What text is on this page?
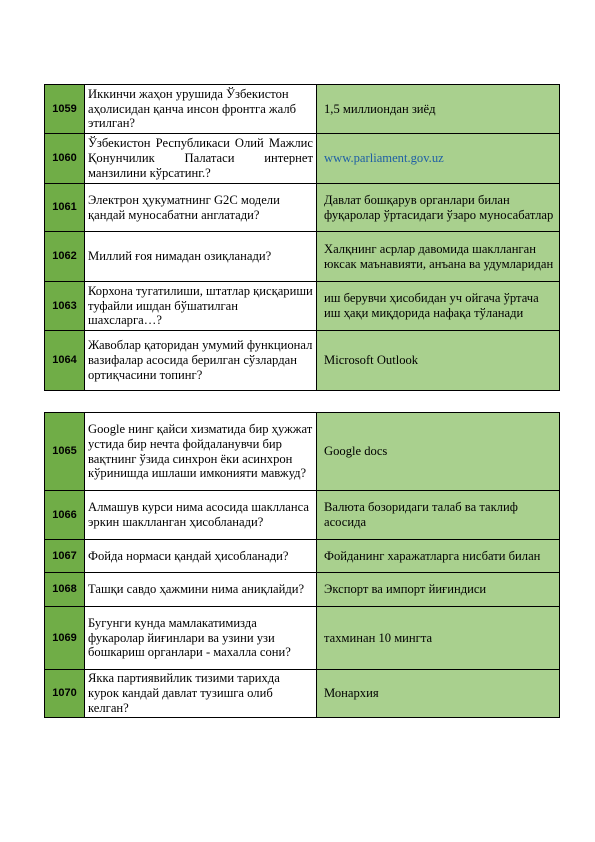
1059	Иккинчи жаҳон урушида Ўзбекистон аҳолисидан қанча инсон фронтга жалб этилган?	1,5 миллиондан зиёд
1060	Ўзбекистон Республикаси Олий Мажлис Қонунчилик Палатаси интернет манзилини кўрсатинг.?	www.parliament.gov.uz
1061	Электрон ҳукуматнинг G2C модели қандай муносабатни англатади?	Давлат бошқарув органлари билан фуқаролар ўртасидаги ўзаро муносабатлар
1062	Миллий ғоя нимадан озиқланади?	Халқнинг асрлар давомида шаклланган юксак маънавияти, анъана ва удумларидан
1063	Корхона тугатилиши, штатлар қисқариши туфайли ишдан бўшатилган шахсларга…?	иш берувчи ҳисобидан уч ойгача ўртача иш ҳақи миқдорида нафақа тўланади
1064	Жавоблар қаторидан умумий функционал вазифалар асосида берилган сўзлардан ортиқчасини топинг?	Microsoft Outlook
1065	Google нинг қайси хизматида бир ҳужжат устида бир нечта фойдаланувчи бир вақтнинг ўзида синхрон ёки асинхрон кўринишда ишлаши имконияти мавжуд?	Google docs
1066	Алмашув курси нима асосида шаклланса эркин шаклланган ҳисобланади?	Валюта бозоридаги талаб ва таклиф асосида
1067	Фойда нормаси қандай ҳисобланади?	Фойданинг харажатларга нисбати билан
1068	Ташқи савдо ҳажмини нима аниқлайди?	Экспорт ва импорт йиғиндиси
1069	Бугунги кунда мамлакатимизда фукаролар йиғинлари ва узини узи бошкариш органлари - махалла сони?	тахминан 10 мингта
1070	Якка партиявийлик тизими тарихда курок кандай давлат тузишга олиб келган?	Монархия
